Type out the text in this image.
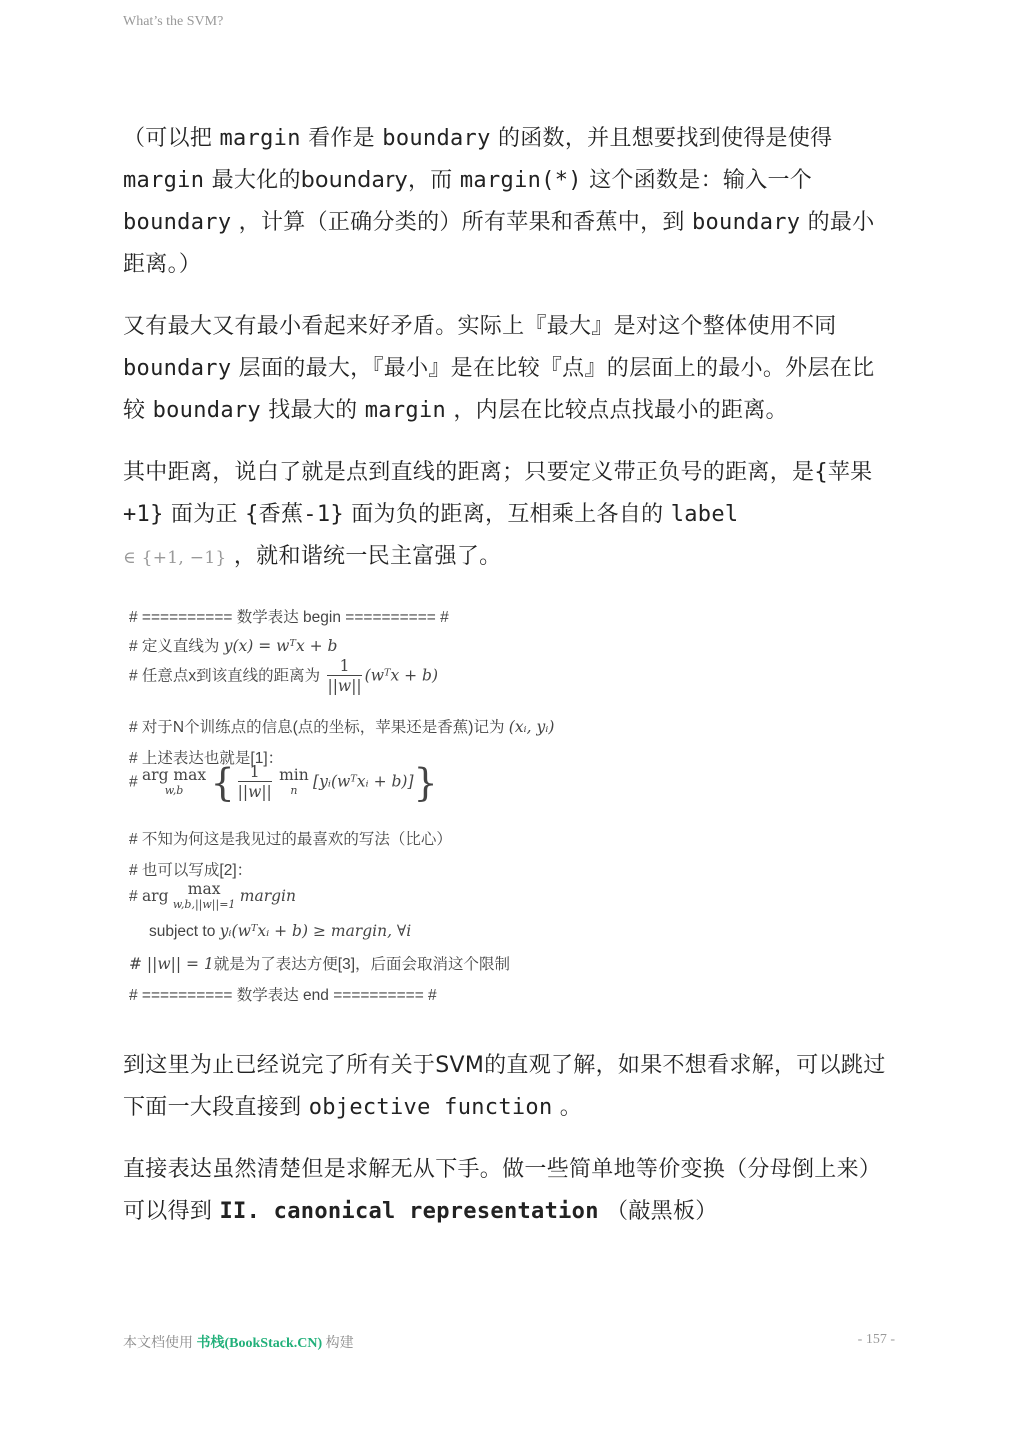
What’s the SVM?

（可以把 margin 看作是 boundary 的函数，并且想要找到使得是使得 margin 最大化的boundary，而 margin(*) 这个函数是：输入一个 boundary ，计算（正确分类的）所有苹果和香蕉中，到 boundary 的最小距离。）

又有最大又有最小看起来好矛盾。实际上『最大』是对这个整体使用不同 boundary 层面的最大，『最小』是在比较『点』的层面上的最小。外层在比较 boundary 找最大的 margin ，内层在比较点点找最小的距离。

其中距离，说白了就是点到直线的距离；只要定义带正负号的距离，是{苹果+1} 面为正 {香蕉-1} 面为负的距离，互相乘上各自的 label
∈ {+1, −1} ，就和谐统一民主富强了。

# ========== 数学表达 begin ========== #
# 定义直线为 y(x) = wᵀx + b
# 任意点x到该直线的距离为 $\frac{1}{||w||}$ (wᵀx + b)
# 对于N个训练点的信息(点的坐标，苹果还是香蕉)记为 (xᵢ, yᵢ)
# 上述表达也就是[1]：
# arg max
w,b { $\frac{1}{||w||}$ min
n	[yᵢ(wᵀxᵢ + b)]}
# 不知为何这是我见过的最喜欢的写法（比心）
# 也可以写成[2]：
# arg max
w,b,||w||=1 margin
subject to yᵢ(wᵀxᵢ + b) ≥ margin, ∀i
# ||w|| = 1就是为了表达方便[3]，后面会取消这个限制
# ========== 数学表达 end ========== #

到这里为止已经说完了所有关于SVM的直观了解，如果不想看求解，可以跳过下面一大段直接到 objective function 。

直接表达虽然清楚但是求解无从下手。做一些简单地等价变换（分母倒上来）可以得到 II. canonical representation （敲黑板）

本文档使用 书栈(BookStack.CN) 构建	- 157 -
